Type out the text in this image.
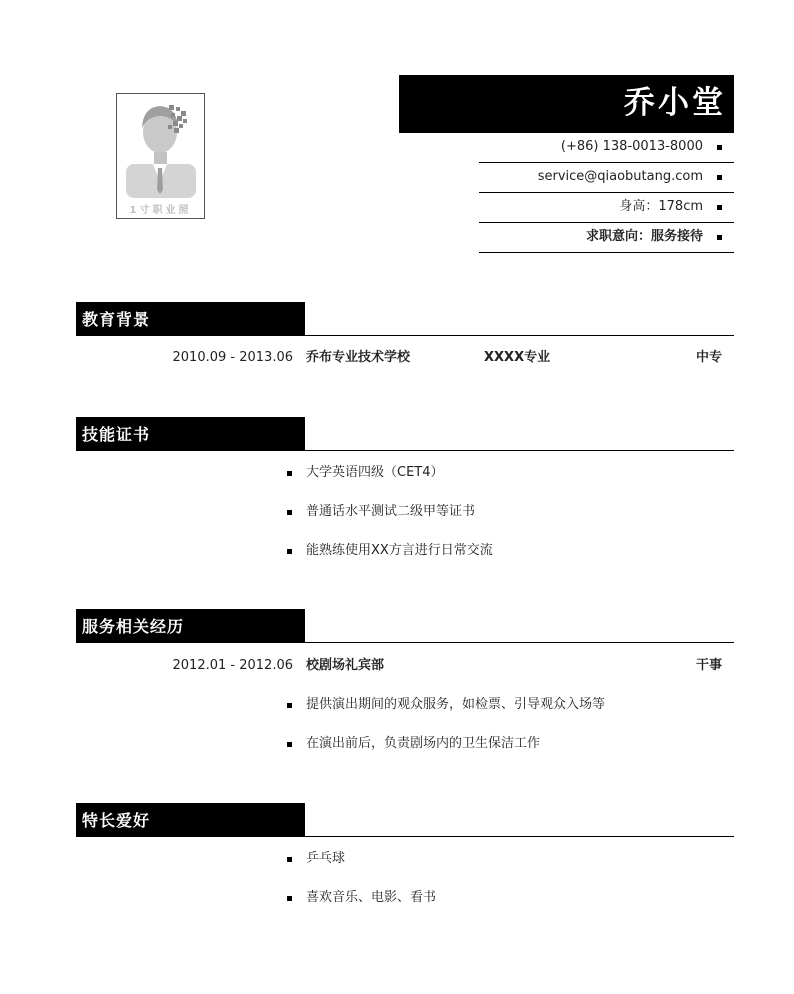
1寸职业照
乔小堂
(+86) 138-0013-8000
service@qiaobutang.com
身高：178cm
求职意向：服务接待
教育背景
2010.09 - 2013.06 乔布专业技术学校	XXXX专业	中专
技能证书
大学英语四级（CET4）
普通话水平测试二级甲等证书
能熟练使用XX方言进行日常交流
服务相关经历
2012.01 - 2012.06 校剧场礼宾部	干事
提供演出期间的观众服务，如检票、引导观众入场等
在演出前后，负责剧场内的卫生保洁工作
特长爱好
乒乓球
喜欢音乐、电影、看书
